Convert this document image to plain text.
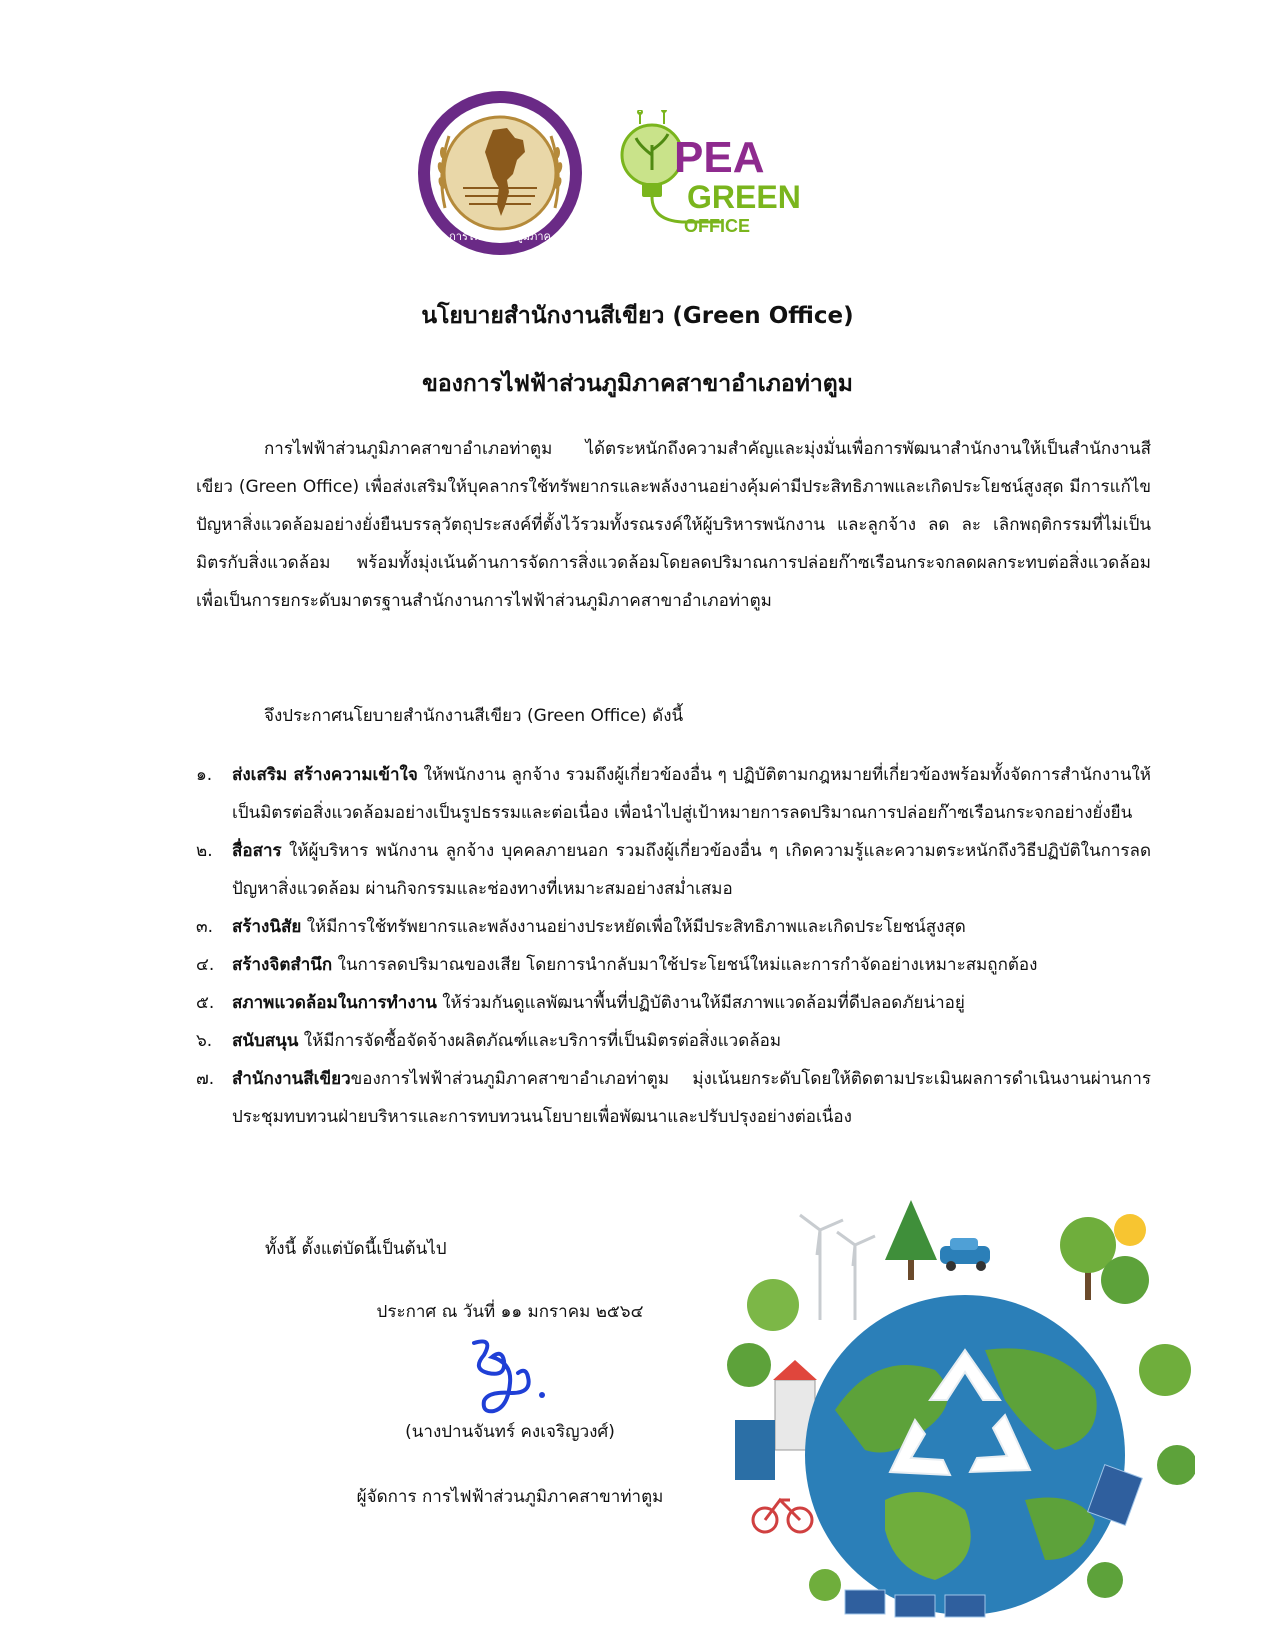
การไฟฟ้าส่วนภูมิภาค
PEA
GREEN
OFFICE
นโยบายสำนักงานสีเขียว (Green Office)
ของการไฟฟ้าส่วนภูมิภาคสาขาอำเภอท่าตูม
การไฟฟ้าส่วนภูมิภาคสาขาอำเภอท่าตูม ได้ตระหนักถึงความสำคัญและมุ่งมั่นเพื่อการพัฒนาสำนักงานให้เป็นสำนักงานสีเขียว (Green Office) เพื่อส่งเสริมให้บุคลากรใช้ทรัพยากรและพลังงานอย่างคุ้มค่ามีประสิทธิภาพและเกิดประโยชน์สูงสุด มีการแก้ไขปัญหาสิ่งแวดล้อมอย่างยั่งยืนบรรลุวัตถุประสงค์ที่ตั้งไว้รวมทั้งรณรงค์ให้ผู้บริหารพนักงาน และลูกจ้าง ลด ละ เลิกพฤติกรรมที่ไม่เป็นมิตรกับสิ่งแวดล้อม พร้อมทั้งมุ่งเน้นด้านการจัดการสิ่งแวดล้อมโดยลดปริมาณการปล่อยก๊าซเรือนกระจกลดผลกระทบต่อสิ่งแวดล้อม เพื่อเป็นการยกระดับมาตรฐานสำนักงานการไฟฟ้าส่วนภูมิภาคสาขาอำเภอท่าตูม
จึงประกาศนโยบายสำนักงานสีเขียว (Green Office) ดังนี้
๑. ส่งเสริม สร้างความเข้าใจ ให้พนักงาน ลูกจ้าง รวมถึงผู้เกี่ยวข้องอื่น ๆ ปฏิบัติตามกฎหมายที่เกี่ยวข้องพร้อมทั้งจัดการสำนักงานให้เป็นมิตรต่อสิ่งแวดล้อมอย่างเป็นรูปธรรมและต่อเนื่อง เพื่อนำไปสู่เป้าหมายการลดปริมาณการปล่อยก๊าซเรือนกระจกอย่างยั่งยืน
๒. สื่อสาร ให้ผู้บริหาร พนักงาน ลูกจ้าง บุคคลภายนอก รวมถึงผู้เกี่ยวข้องอื่น ๆ เกิดความรู้และความตระหนักถึงวิธีปฏิบัติในการลดปัญหาสิ่งแวดล้อม ผ่านกิจกรรมและช่องทางที่เหมาะสมอย่างสม่ำเสมอ
๓. สร้างนิสัย ให้มีการใช้ทรัพยากรและพลังงานอย่างประหยัดเพื่อให้มีประสิทธิภาพและเกิดประโยชน์สูงสุด
๔. สร้างจิตสำนึก ในการลดปริมาณของเสีย โดยการนำกลับมาใช้ประโยชน์ใหม่และการกำจัดอย่างเหมาะสมถูกต้อง
๕. สภาพแวดล้อมในการทำงาน ให้ร่วมกันดูแลพัฒนาพื้นที่ปฏิบัติงานให้มีสภาพแวดล้อมที่ดีปลอดภัยน่าอยู่
๖. สนับสนุน ให้มีการจัดซื้อจัดจ้างผลิตภัณฑ์และบริการที่เป็นมิตรต่อสิ่งแวดล้อม
๗. สำนักงานสีเขียวของการไฟฟ้าส่วนภูมิภาคสาขาอำเภอท่าตูม มุ่งเน้นยกระดับโดยให้ติดตามประเมินผลการดำเนินงานผ่านการประชุมทบทวนฝ่ายบริหารและการทบทวนนโยบายเพื่อพัฒนาและปรับปรุงอย่างต่อเนื่อง
ทั้งนี้ ตั้งแต่บัดนี้เป็นต้นไป
ประกาศ ณ วันที่ ๑๑ มกราคม ๒๕๖๔
(นางปานจันทร์ คงเจริญวงศ์)
ผู้จัดการ การไฟฟ้าส่วนภูมิภาคสาขาท่าตูม
